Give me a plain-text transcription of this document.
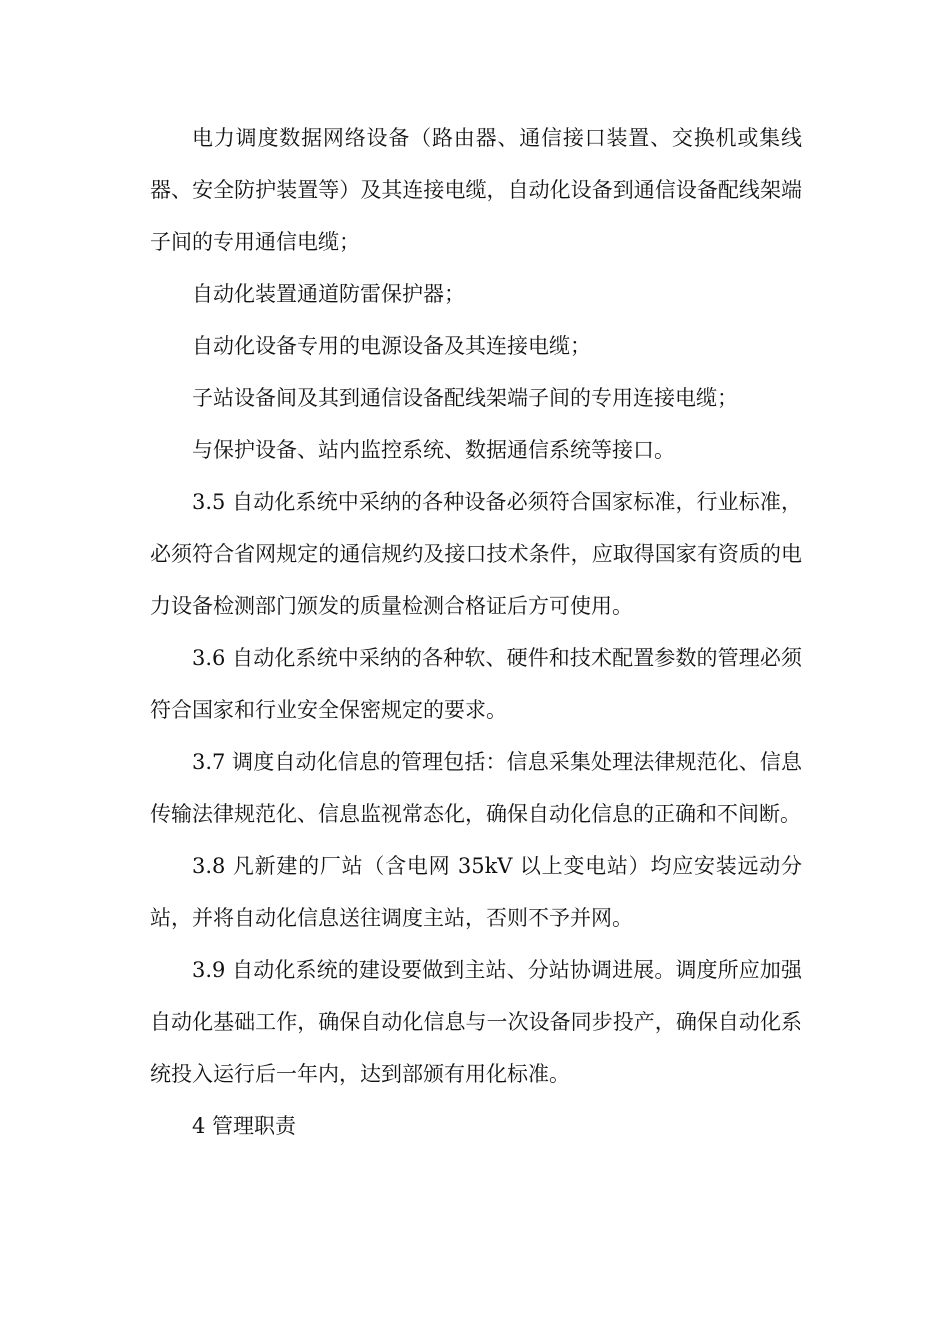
电力调度数据网络设备（路由器、通信接口装置、交换机或集线器、安全防护装置等）及其连接电缆，自动化设备到通信设备配线架端子间的专用通信电缆；

自动化装置通道防雷保护器；

自动化设备专用的电源设备及其连接电缆；

子站设备间及其到通信设备配线架端子间的专用连接电缆；

与保护设备、站内监控系统、数据通信系统等接口。

3.5 自动化系统中采纳的各种设备必须符合国家标准，行业标准，必须符合省网规定的通信规约及接口技术条件，应取得国家有资质的电力设备检测部门颁发的质量检测合格证后方可使用。

3.6 自动化系统中采纳的各种软、硬件和技术配置参数的管理必须符合国家和行业安全保密规定的要求。

3.7 调度自动化信息的管理包括：信息采集处理法律规范化、信息传输法律规范化、信息监视常态化，确保自动化信息的正确和不间断。

3.8 凡新建的厂站（含电网 35kV 以上变电站）均应安装远动分站，并将自动化信息送往调度主站，否则不予并网。

3.9 自动化系统的建设要做到主站、分站协调进展。调度所应加强自动化基础工作，确保自动化信息与一次设备同步投产，确保自动化系统投入运行后一年内，达到部颁有用化标准。

4 管理职责
